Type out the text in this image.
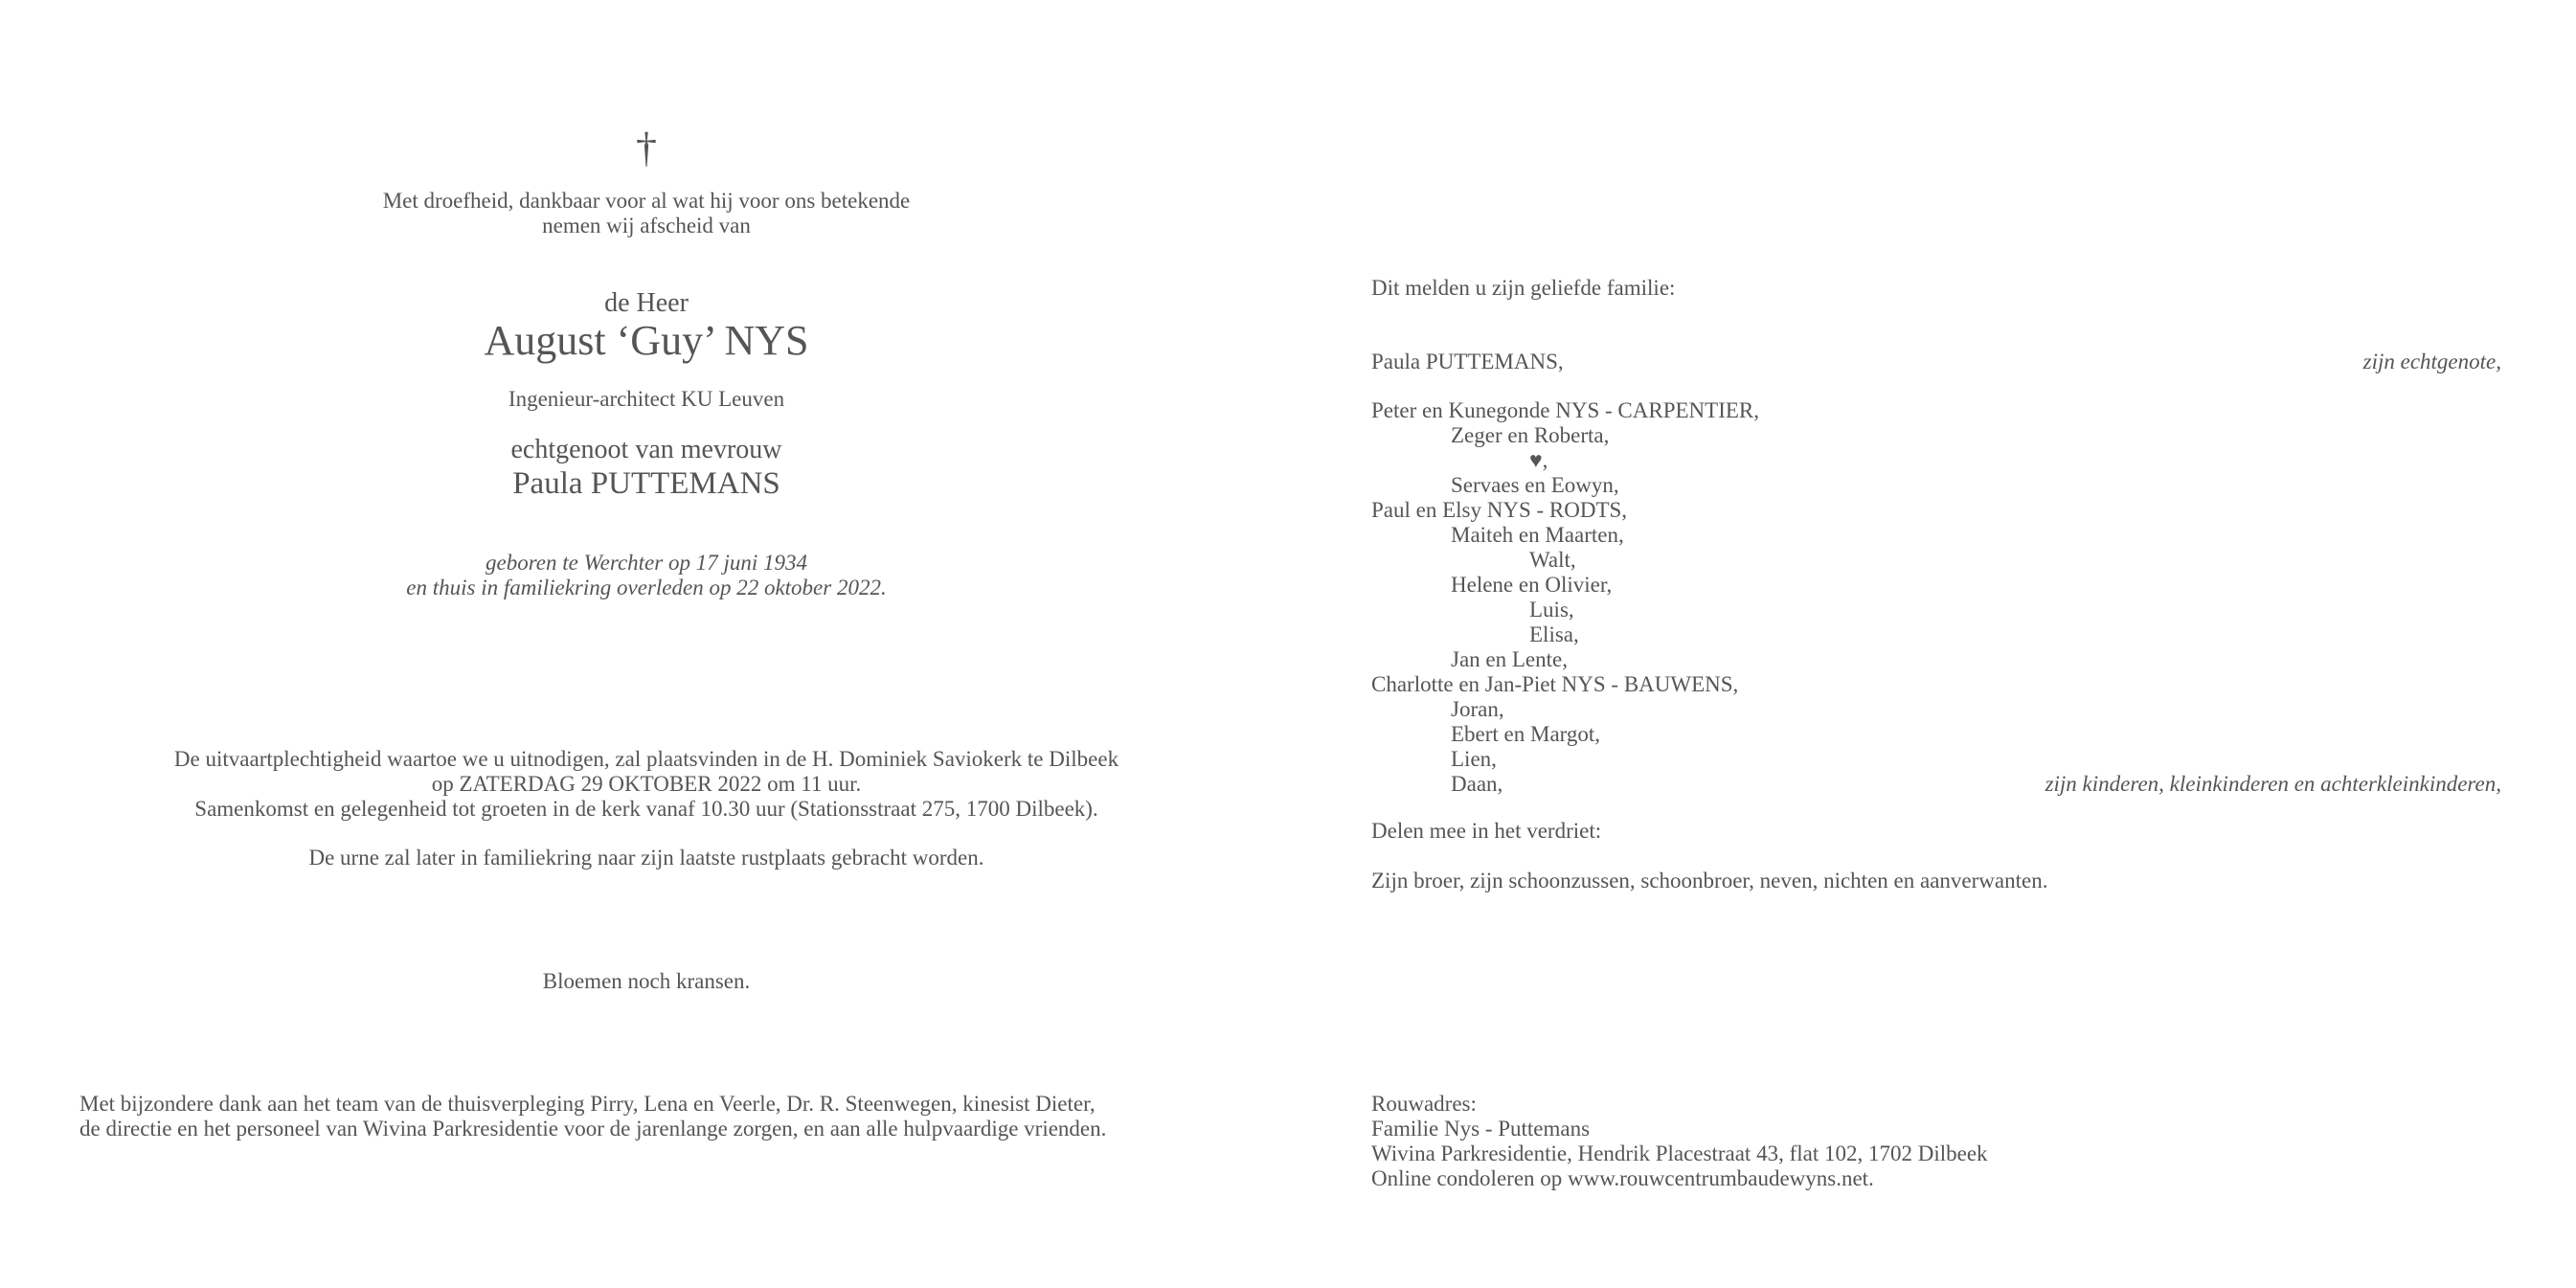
†
Met droefheid, dankbaar voor al wat hij voor ons betekende
nemen wij afscheid van
de Heer
August ‘Guy’ NYS
Ingenieur-architect KU Leuven
echtgenoot van mevrouw
Paula PUTTEMANS
geboren te Werchter op 17 juni 1934
en thuis in familiekring overleden op 22 oktober 2022.
De uitvaartplechtigheid waartoe we u uitnodigen, zal plaatsvinden in de H. Dominiek Saviokerk te Dilbeek
op ZATERDAG 29 OKTOBER 2022 om 11 uur.
Samenkomst en gelegenheid tot groeten in de kerk vanaf 10.30 uur (Stationsstraat 275, 1700 Dilbeek).
De urne zal later in familiekring naar zijn laatste rustplaats gebracht worden.
Bloemen noch kransen.
Met bijzondere dank aan het team van de thuisverpleging Pirry, Lena en Veerle, Dr. R. Steenwegen, kinesist Dieter,
de directie en het personeel van Wivina Parkresidentie voor de jarenlange zorgen, en aan alle hulpvaardige vrienden.
Dit melden u zijn geliefde familie:
Paula PUTTEMANS,	zijn echtgenote,
Peter en Kunegonde NYS - CARPENTIER,
Zeger en Roberta,
♥,
Servaes en Eowyn,
Paul en Elsy NYS - RODTS,
Maiteh en Maarten,
Walt,
Helene en Olivier,
Luis,
Elisa,
Jan en Lente,
Charlotte en Jan-Piet NYS - BAUWENS,
Joran,
Ebert en Margot,
Lien,
Daan,	zijn kinderen, kleinkinderen en achterkleinkinderen,
Delen mee in het verdriet:
Zijn broer, zijn schoonzussen, schoonbroer, neven, nichten en aanverwanten.
Rouwadres:
Familie Nys - Puttemans
Wivina Parkresidentie, Hendrik Placestraat 43, flat 102, 1702 Dilbeek
Online condoleren op www.rouwcentrumbaudewyns.net.
